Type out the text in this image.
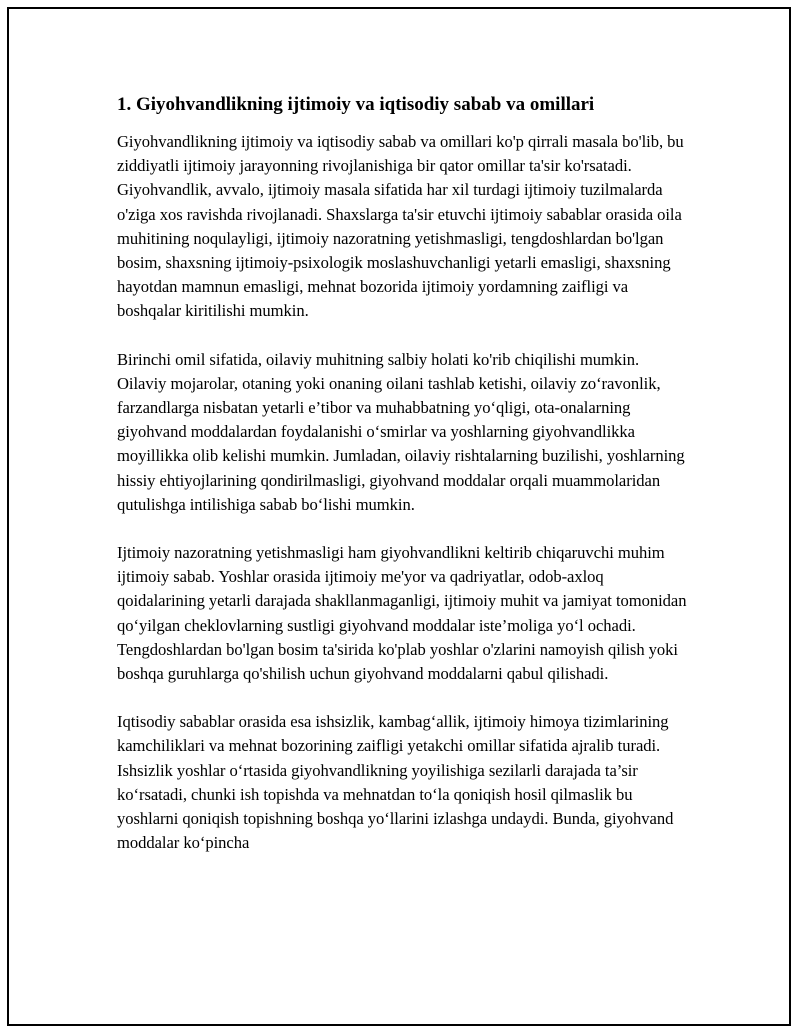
1. Giyohvandlikning ijtimoiy va iqtisodiy sabab va omillari

Giyohvandlikning ijtimoiy va iqtisodiy sabab va omillari ko'p qirrali masala bo'lib, bu ziddiyatli ijtimoiy jarayonning rivojlanishiga bir qator omillar ta'sir ko'rsatadi. Giyohvandlik, avvalo, ijtimoiy masala sifatida har xil turdagi ijtimoiy tuzilmalarda o'ziga xos ravishda rivojlanadi. Shaxslarga ta'sir etuvchi ijtimoiy sabablar orasida oila muhitining noqulayligi, ijtimoiy nazoratning yetishmasligi, tengdoshlardan bo'lgan bosim, shaxsning ijtimoiy-psixologik moslashuvchanligi yetarli emasligi, shaxsning hayotdan mamnun emasligi, mehnat bozorida ijtimoiy yordamning zaifligi va boshqalar kiritilishi mumkin.

Birinchi omil sifatida, oilaviy muhitning salbiy holati ko'rib chiqilishi mumkin. Oilaviy mojarolar, otaning yoki onaning oilani tashlab ketishi, oilaviy zo‘ravonlik, farzandlarga nisbatan yetarli e’tibor va muhabbatning yo‘qligi, ota-onalarning giyohvand moddalardan foydalanishi o‘smirlar va yoshlarning giyohvandlikka moyillikka olib kelishi mumkin. Jumladan, oilaviy rishtalarning buzilishi, yoshlarning hissiy ehtiyojlarining qondirilmasligi, giyohvand moddalar orqali muammolaridan qutulishga intilishiga sabab bo‘lishi mumkin.

Ijtimoiy nazoratning yetishmasligi ham giyohvandlikni keltirib chiqaruvchi muhim ijtimoiy sabab. Yoshlar orasida ijtimoiy me'yor va qadriyatlar, odob-axloq qoidalarining yetarli darajada shakllanmaganligi, ijtimoiy muhit va jamiyat tomonidan qo‘yilgan cheklovlarning sustligi giyohvand moddalar iste’moliga yo‘l ochadi. Tengdoshlardan bo'lgan bosim ta'sirida ko'plab yoshlar o'zlarini namoyish qilish yoki boshqa guruhlarga qo'shilish uchun giyohvand moddalarni qabul qilishadi.

Iqtisodiy sabablar orasida esa ishsizlik, kambag‘allik, ijtimoiy himoya tizimlarining kamchiliklari va mehnat bozorining zaifligi yetakchi omillar sifatida ajralib turadi. Ishsizlik yoshlar o‘rtasida giyohvandlikning yoyilishiga sezilarli darajada ta’sir ko‘rsatadi, chunki ish topishda va mehnatdan to‘la qoniqish hosil qilmaslik bu yoshlarni qoniqish topishning boshqa yo‘llarini izlashga undaydi. Bunda, giyohvand moddalar ko‘pincha
